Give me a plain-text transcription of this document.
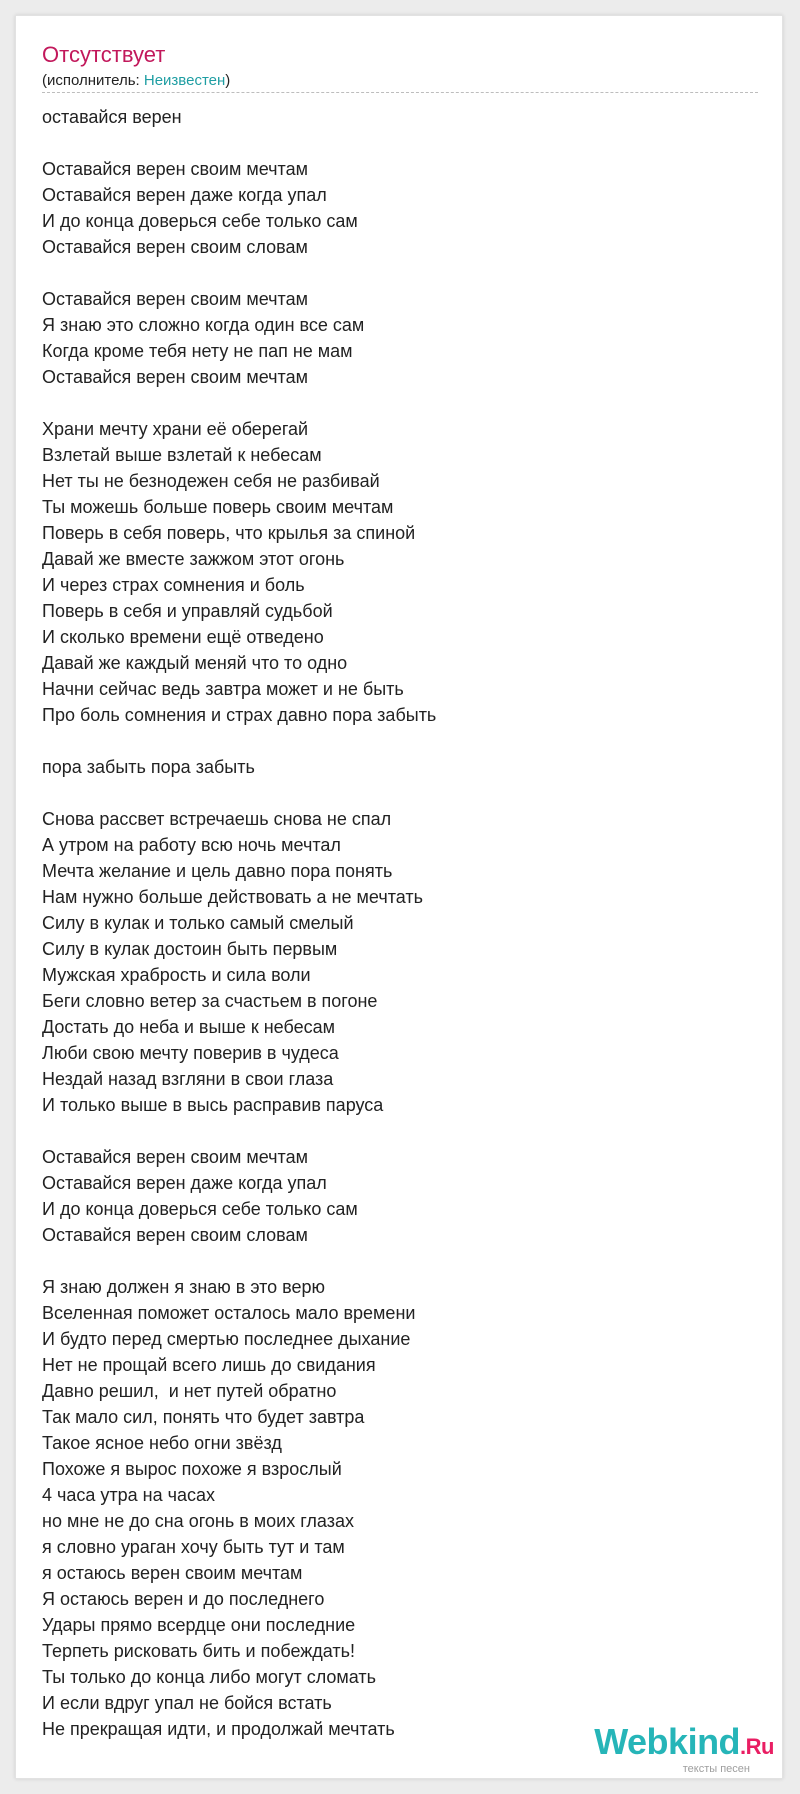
Отсутствует
(исполнитель: Неизвестен)
оставайся верен
Оставайся верен своим мечтам
Оставайся верен даже когда упал
И до конца доверься себе только сам
Оставайся верен своим словам
Оставайся верен своим мечтам
Я знаю это сложно когда один все сам
Когда кроме тебя нету не пап не мам
Оставайся верен своим мечтам
Храни мечту храни её оберегай
Взлетай выше взлетай к небесам
Нет ты не безнодежен себя не разбивай
Ты можешь больше поверь своим мечтам
Поверь в себя поверь, что крылья за спиной
Давай же вместе зажжом этот огонь
И через страх сомнения и боль
Поверь в себя и управляй судьбой
И сколько времени ещё отведено
Давай же каждый меняй что то одно
Начни сейчас ведь завтра может и не быть
Про боль сомнения и страх давно пора забыть
пора забыть пора забыть
Снова рассвет встречаешь снова не спал
А утром на работу всю ночь мечтал
Мечта желание и цель давно пора понять
Нам нужно больше действовать а не мечтать
Силу в кулак и только самый смелый
Силу в кулак достоин быть первым
Мужская храбрость и сила воли
Беги словно ветер за счастьем в погоне
Достать до неба и выше к небесам
Люби свою мечту поверив в чудеса
Нездай назад взгляни в свои глаза
И только выше в высь расправив паруса
Оставайся верен своим мечтам
Оставайся верен даже когда упал
И до конца доверься себе только сам
Оставайся верен своим словам
Я знаю должен я знаю в это верю
Вселенная поможет осталось мало времени
И будто перед смертью последнее дыхание
Нет не прощай всего лишь до свидания
Давно решил,  и нет путей обратно
Так мало сил, понять что будет завтра
Такое ясное небо огни звёзд
Похоже я вырос похоже я взрослый
4 часа утра на часах
но мне не до сна огонь в моих глазах
я словно ураган хочу быть тут и там
я остаюсь верен своим мечтам
Я остаюсь верен и до последнего
Удары прямо всердце они последние
Терпеть рисковать бить и побеждать!
Ты только до конца либо могут сломать
И если вдруг упал не бойся встать
Не прекращая идти, и продолжай мечтать	Webkind.Ru
тексты песен
